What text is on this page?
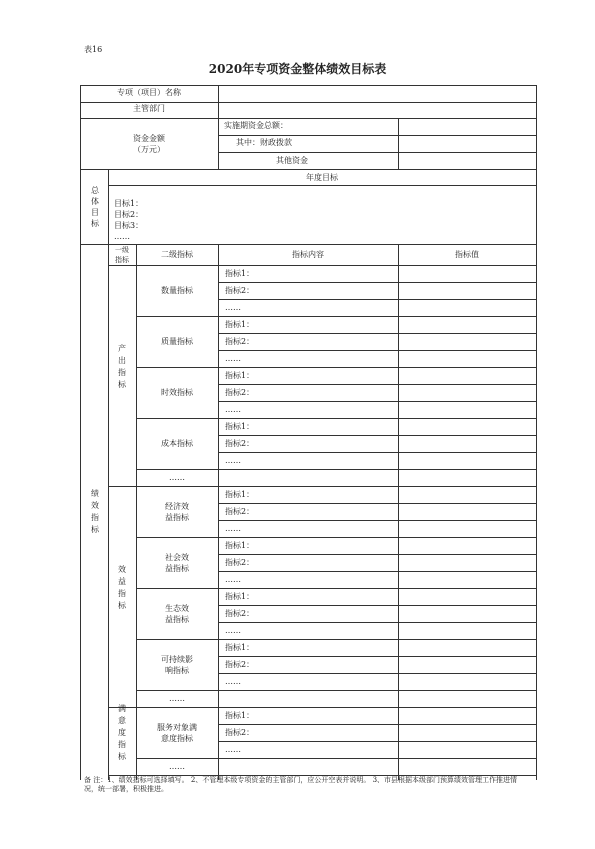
表16
2020年专项资金整体绩效目标表
专项（项目）名称
主管部门
资金金额
（万元）
实施期资金总额：
其中：财政拨款
其他资金
总
体
目
标
年度目标
目标1：
目标2：
目标3：
……
一级
指标
二级指标	指标内容	指标值
绩
效
指
标
指标1：
指标2：
……
数量指标
指标1：
指标2：
……
质量指标
指标1：
指标2：
……
时效指标
指标1：
指标2：
……
成本指标
……
产
出
指
标
指标1：
指标2：
……
经济效
益指标
指标1：
指标2：
……
社会效
益指标
指标1：
指标2：
……
生态效
益指标
指标1：
指标2：
……
可持续影
响指标
……
效
益
指
标
指标1：
指标2：
……
服务对象满
意度指标
……
满
意
度
指
标
备 注：1、绩效指标可选择填写。 2、不管理本级专项资金的主管部门，应公开空表并说明。 3、市县根据本级部门预算绩效管理工作推进情况，统一部署，积极推进。
